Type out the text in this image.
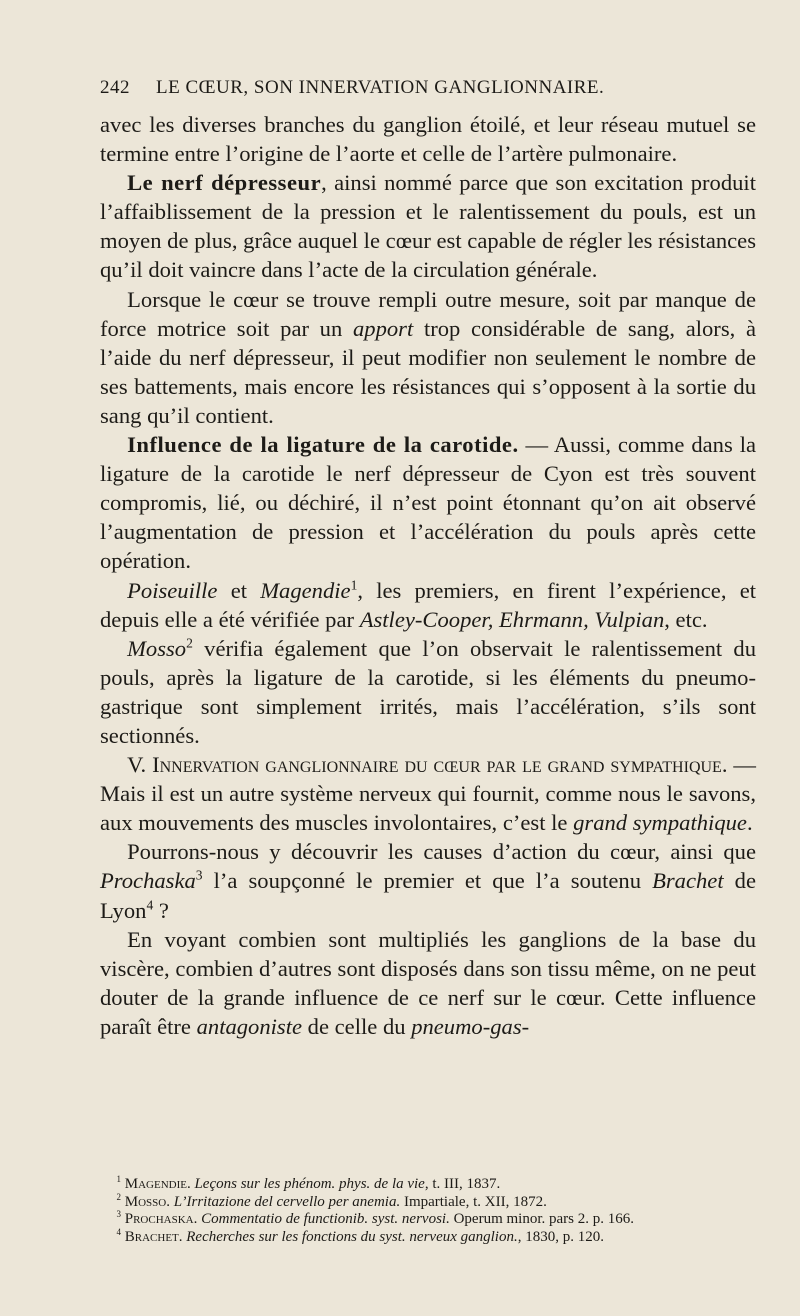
242 LE CŒUR, SON INNERVATION GANGLIONNAIRE.

avec les diverses branches du ganglion étoilé, et leur réseau mutuel se termine entre l’origine de l’aorte et celle de l’artère pulmonaire.

Le nerf dépresseur, ainsi nommé parce que son excitation produit l’affaiblissement de la pression et le ralentissement du pouls, est un moyen de plus, grâce auquel le cœur est capable de régler les résistances qu’il doit vaincre dans l’acte de la circulation générale.

Lorsque le cœur se trouve rempli outre mesure, soit par manque de force motrice soit par un apport trop considérable de sang, alors, à l’aide du nerf dépresseur, il peut modifier non seulement le nombre de ses battements, mais encore les résistances qui s’opposent à la sortie du sang qu’il contient.

Influence de la ligature de la carotide. — Aussi, comme dans la ligature de la carotide le nerf dépresseur de Cyon est très souvent compromis, lié, ou déchiré, il n’est point étonnant qu’on ait observé l’augmentation de pression et l’accélération du pouls après cette opération.

Poiseuille et Magendie$^1$, les premiers, en firent l’expérience, et depuis elle a été vérifiée par Astley-Cooper, Ehrmann, Vulpian, etc.

Mosso$^2$ vérifia également que l’on observait le ralentissement du pouls, après la ligature de la carotide, si les éléments du pneumo-gastrique sont simplement irrités, mais l’accélération, s’ils sont sectionnés.

V. Innervation ganglionnaire du cœur par le grand sympathique. — Mais il est un autre système nerveux qui fournit, comme nous le savons, aux mouvements des muscles involontaires, c’est le grand sympathique.

Pourrons-nous y découvrir les causes d’action du cœur, ainsi que Prochaska$^3$ l’a soupçonné le premier et que l’a soutenu Brachet de Lyon$^4$ ?

En voyant combien sont multipliés les ganglions de la base du viscère, combien d’autres sont disposés dans son tissu même, on ne peut douter de la grande influence de ce nerf sur le cœur. Cette influence paraît être antagoniste de celle du pneumo-gas-

$^1$ Magendie. Leçons sur les phénom. phys. de la vie, t. III, 1837.

$^2$ Mosso. L’Irritazione del cervello per anemia. Impartiale, t. XII, 1872.

$^3$ Prochaska. Commentatio de functionib. syst. nervosi. Operum minor. pars 2. p. 166.

$^4$ Brachet. Recherches sur les fonctions du syst. nerveux ganglion., 1830, p. 120.
